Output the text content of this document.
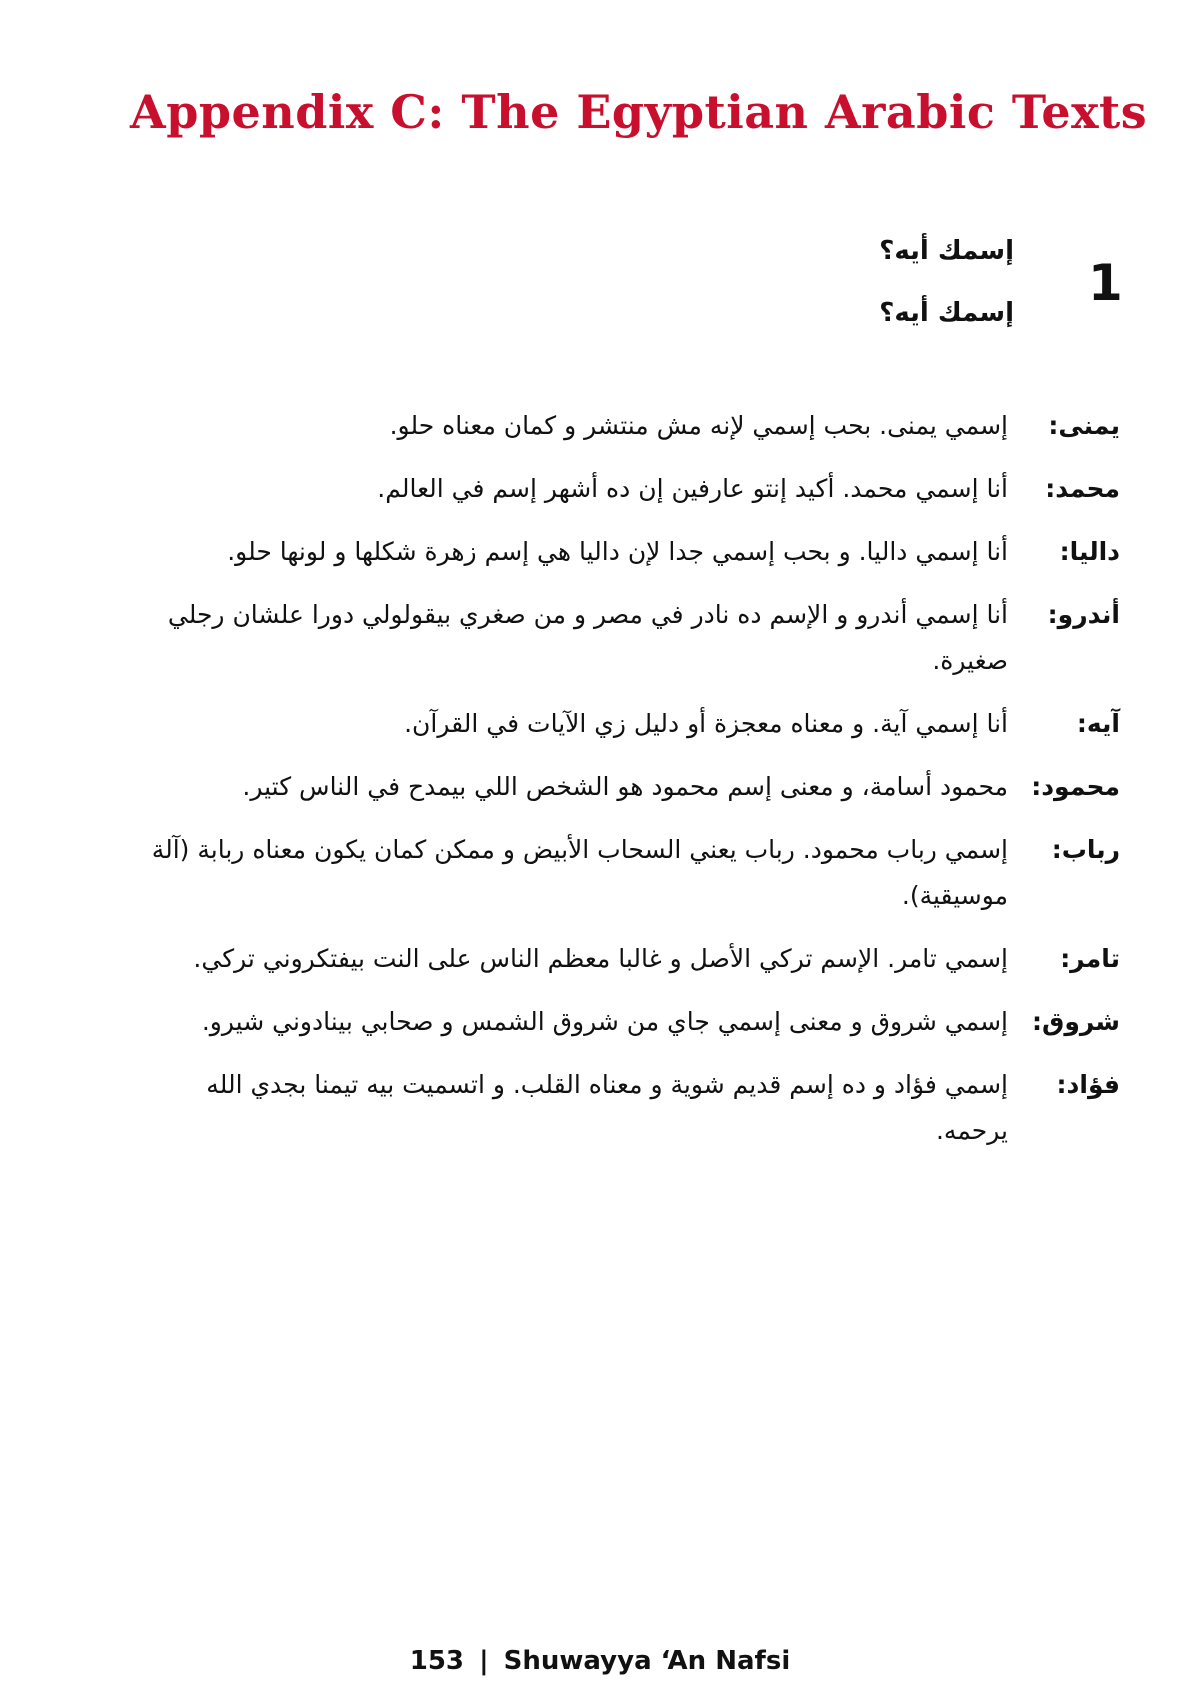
Appendix C: The Egyptian Arabic Texts
1
إسمك أيه؟
إسمك أيه؟
يمنى:
إسمي يمنى. بحب إسمي لإنه مش منتشر و كمان معناه حلو.
محمد:
أنا إسمي محمد. أكيد إنتو عارفين إن ده أشهر إسم في العالم.
داليا:
أنا إسمي داليا. و بحب إسمي جدا لإن داليا هي إسم زهرة شكلها و لونها حلو.
أندرو:
أنا إسمي أندرو و الإسم ده نادر في مصر و من صغري بيقولولي دورا علشان رجلي صغيرة.
آيه:
أنا إسمي آية. و معناه معجزة أو دليل زي الآيات في القرآن.
محمود:
محمود أسامة، و معنى إسم محمود هو الشخص اللي بيمدح في الناس كتير.
رباب:
إسمي رباب محمود. رباب يعني السحاب الأبيض و ممكن كمان يكون معناه ربابة (آلة موسيقية).
تامر:
إسمي تامر. الإسم تركي الأصل و غالبا معظم الناس على النت بيفتكروني تركي.
شروق:
إسمي شروق و معنى إسمي جاي من شروق الشمس و صحابي بينادوني شيرو.
فؤاد:
إسمي فؤاد و ده إسم قديم شوية و معناه القلب. و اتسميت بيه تيمنا بجدي الله يرحمه.
153 | Shuwayya ʻAn Nafsi
